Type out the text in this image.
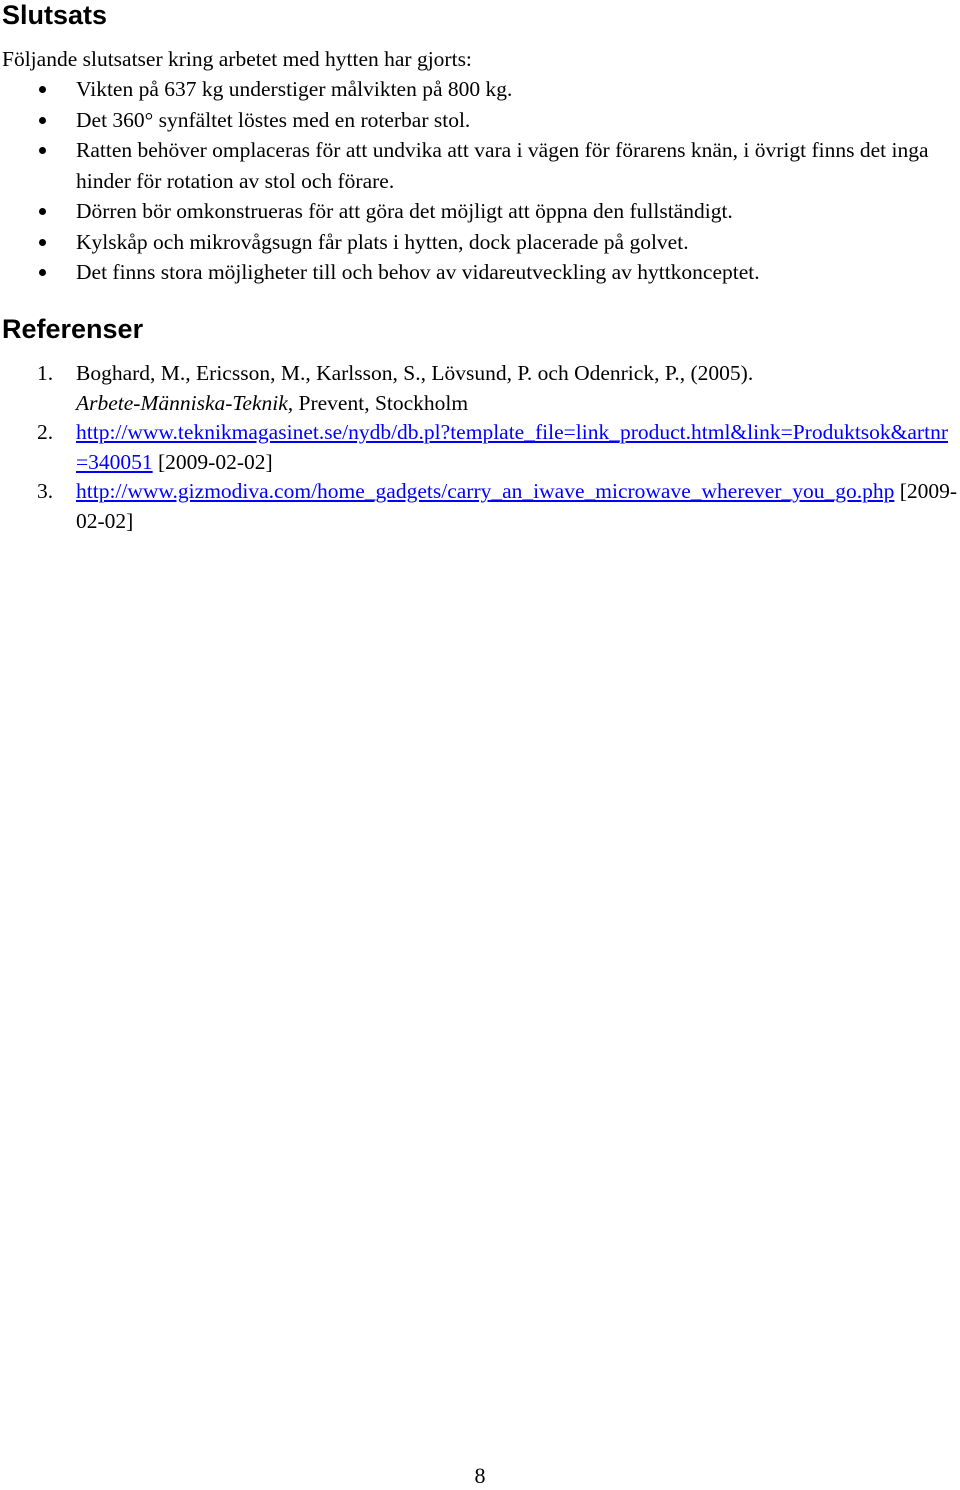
Slutsats
Följande slutsatser kring arbetet med hytten har gjorts:
Vikten på 637 kg understiger målvikten på 800 kg.
Det 360° synfältet löstes med en roterbar stol.
Ratten behöver omplaceras för att undvika att vara i vägen för förarens knän, i övrigt finns det inga hinder för rotation av stol och förare.
Dörren bör omkonstrueras för att göra det möjligt att öppna den fullständigt.
Kylskåp och mikrovågsugn får plats i hytten, dock placerade på golvet.
Det finns stora möjligheter till och behov av vidareutveckling av hyttkonceptet.
Referenser
1. Boghard, M., Ericsson, M., Karlsson, S., Lövsund, P. och Odenrick, P., (2005).
Arbete-Människa-Teknik, Prevent, Stockholm
2. http://www.teknikmagasinet.se/nydb/db.pl?template_file=link_product.html&link=Produktsok&artnr=340051 [2009-02-02]
3. http://www.gizmodiva.com/home_gadgets/carry_an_iwave_microwave_wherever_you_go.php [2009-02-02]
8
